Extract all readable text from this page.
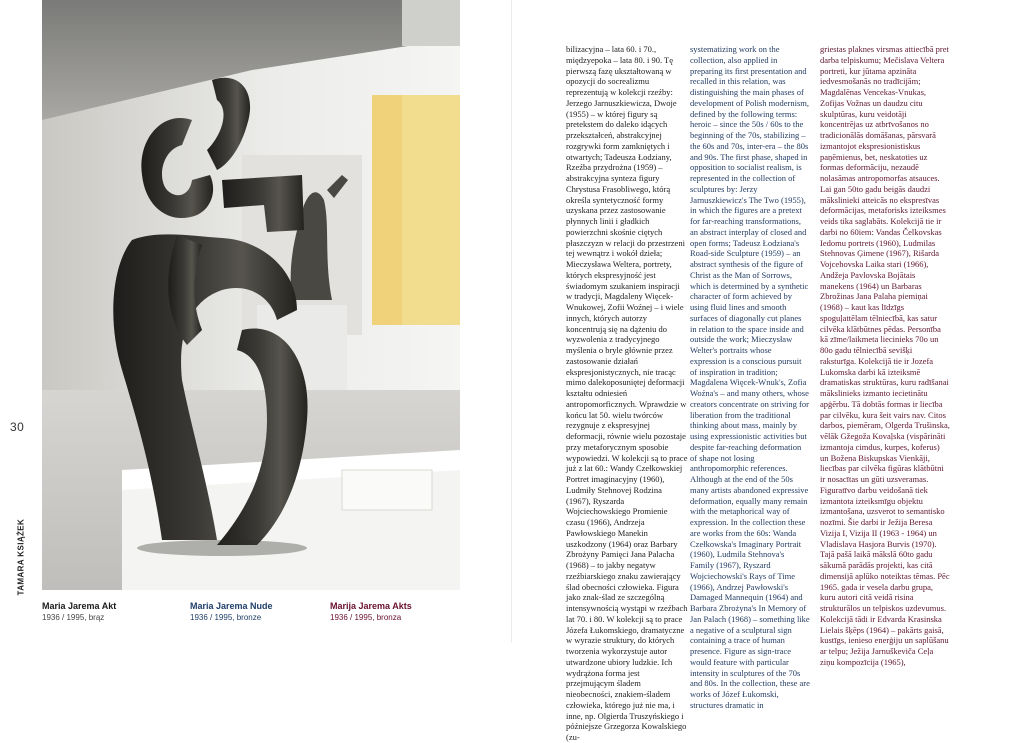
30
TAMARA KSIĄŻEK
Maria Jarema Akt
1936 / 1995, brąz
Maria Jarema Nude
1936 / 1995, bronze
Marija Jarema Akts
1936 / 1995, bronza

bilizacyjna – lata 60. i 70., międzyepoka – lata 80. i 90. Tę pierwszą fazę ukształtowaną w opozycji do socrealizmu reprezentują w kolekcji rzeźby: Jerzego Jarnuszkiewicza, Dwoje (1955) – w której figury są pretekstem do daleko idących przekształceń, abstrakcyjnej rozgrywki form zamkniętych i otwartych; Tadeusza Łodziany, Rzeźba przydrożna (1959) – abstrakcyjna synteza figury Chrystusa Frasobliwego, którą określa syntetyczność formy uzyskana przez zastosowanie płynnych linii i gładkich powierzchni skośnie ciętych płaszczyzn w relacji do przestrzeni tej wewnątrz i wokół dzieła; Mieczysława Weltera, portrety, których ekspresyjność jest świadomym szukaniem inspiracji w tradycji, Magdaleny Więcek-Wnukowej, Zofii Woźnej – i wiele innych, których autorzy koncentrują się na dążeniu do wyzwolenia z tradycyjnego myślenia o bryle głównie przez zastosowanie działań ekspresjonistycznych, nie tracąc mimo dalekoposuniętej deformacji kształtu odniesień antropomorficznych. Wprawdzie w końcu lat 50. wielu twórców rezygnuje z ekspresyjnej deformacji, równie wielu pozostaje przy metaforycznym sposobie wypowiedzi. W kolekcji są to prace już z lat 60.: Wandy Czełkowskiej Portret imaginacyjny (1960), Ludmiły Stehnovej Rodzina (1967), Ryszarda Wojciechowskiego Promienie czasu (1966), Andrzeja Pawłowskiego Manekin uszkodzony (1964) oraz Barbary Zbrożyny Pamięci Jana Palacha (1968) – to jakby negatyw rzeźbiarskiego znaku zawierający ślad obecności człowieka. Figura jako znak-ślad ze szczególną intensywnością wystąpi w rzeźbach lat 70. i 80. W kolekcji są to prace Józefa Łukomskiego, dramatyczne w wyrazie struktury, do których tworzenia wykorzystuje autor utwardzone ubiory ludzkie. Ich wydrążona forma jest przejmującym śladem nieobecności, znakiem-śladem człowieka, którego już nie ma, i inne, np. Olgierda Truszyńskiego i późniejsze Grzegorza Kowalskiego (zu-

systematizing work on the collection, also applied in preparing its first presentation and recalled in this relation, was distinguishing the main phases of development of Polish modernism, defined by the following terms: heroic – since the 50s / 60s to the beginning of the 70s, stabilizing – the 60s and 70s, inter-era – the 80s and 90s. The first phase, shaped in opposition to socialist realism, is represented in the collection of sculptures by: Jerzy Jarnuszkiewicz's The Two (1955), in which the figures are a pretext for far-reaching transformations, an abstract interplay of closed and open forms; Tadeusz Łodziana's Road-side Sculpture (1959) – an abstract synthesis of the figure of Christ as the Man of Sorrows, which is determined by a synthetic character of form achieved by using fluid lines and smooth surfaces of diagonally cut planes in relation to the space inside and outside the work; Mieczysław Welter's portraits whose expression is a conscious pursuit of inspiration in tradition; Magdalena Więcek-Wnuk's, Zofia Woźna's – and many others, whose creators concentrate on striving for liberation from the traditional thinking about mass, mainly by using expressionistic activities but despite far-reaching deformation of shape not losing anthropomorphic references. Although at the end of the 50s many artists abandoned expressive deformation, equally many remain with the metaphorical way of expression. In the collection these are works from the 60s: Wanda Czełkowska's Imaginary Portrait (1960), Ludmila Stehnova's Family (1967), Ryszard Wojciechowski's Rays of Time (1966), Andrzej Pawłowski's Damaged Mannequin (1964) and Barbara Zbrożyna's In Memory of Jan Palach (1968) – something like a negative of a sculptural sign containing a trace of human presence. Figure as sign-trace would feature with particular intensity in sculptures of the 70s and 80s. In the collection, these are works of Józef Łukomski, structures dramatic in

griestas plaknes virsmas attiecībā pret darba telpiskumu; Mečislava Veltera portreti, kur jūtama apzināta iedvesmošanās no tradīcijām; Magdalēnas Vencekas-Vnukas, Zofijas Vožnas un daudzu citu skulptūras, kuru veidotāji koncentrējas uz atbrīvošanos no tradicionālās domāšanas, pārsvarā izmantojot ekspresionistiskus paņēmienus, bet, neskatoties uz formas deformāciju, nezaudē nolasāmas antropomorfas atsauces. Lai gan 50to gadu beigās daudzi mākslinieki atteicās no ekspresīvas deformācijas, metaforisks izteiksmes veids tika saglabāts. Kolekcijā tie ir darbi no 60iem: Vandas Čelkovskas Iedomu portrets (1960), Ludmilas Stehnovas Ģimene (1967), Rišarda Vojcehovska Laika stari (1966), Andžeja Pavlovska Bojātais manekens (1964) un Barbaras Zbrožinas Jana Palaha piemiņai (1968) – kaut kas līdzīgs spoguļattēlam tēlniecībā, kas satur cilvēka klātbūtnes pēdas. Personība kā zīme/laikmeta liecinieks 70o un 80o gadu tēlniecībā sevišķi raksturīga. Kolekcijā tie ir Jozefa Lukomska darbi kā izteiksmē dramatiskas struktūras, kuru radīšanai mākslinieks izmanto iecietinātu apģērbu. Tā dobtās formas ir liecība par cilvēku, kura šeit vairs nav. Citos darbos, piemēram, Olgerda Trušinska, vēlāk Gžegoža Kovaļska (vispārināti izmantoja cimdus, kurpes, koferus) un Božena Biskupskas Vienkāji, liecības par cilvēka figūras klātbūtni ir nosacītas un gūti uzsveramas. Figuratīvo darbu veidošanā tiek izmantota izteiksmīgu objektu izmantošana, uzsverot to semantisko nozīmi. Šie darbi ir Ježija Beresa Vizija I, Vizija II (1963 - 1964) un Vladislava Hasjora Burvis (1970). Tajā pašā laikā mākslā 60to gadu sākumā parādās projekti, kas citā dimensijā aplūko noteiktas tēmas. Pēc 1965. gada ir vesela darbu grupa, kuru autori citā veidā risina strukturālos un telpiskos uzdevumus. Kolekcijā tādi ir Edvarda Krasinska Lielais šķēps (1964) – pakārts gaisā, kustīgs, ienieso enerģiju un saplūšanu ar telpu; Ježija Jarnuškeviča Ceļa ziņu kompozīcija (1965),
